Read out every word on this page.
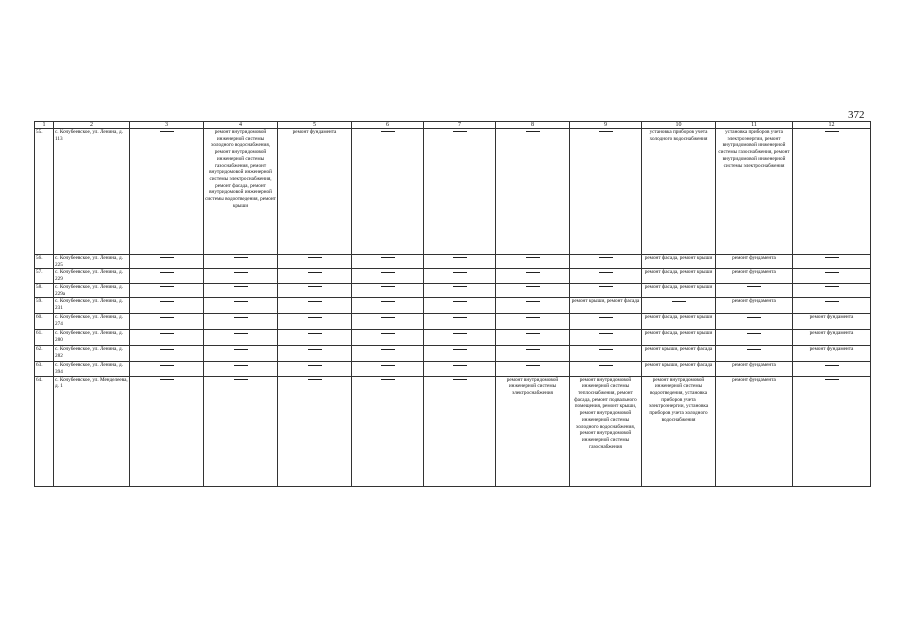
372
1	2	3	4	5	6	7	8	9	10	11	12
55.	с. Кочубеевское, ул. Ленина, д. 113		ремонт внутридомовой инженерной системы холодного водоснабжения, ремонт внутридомовой инженерной системы газоснабжения, ремонт внутридомовой инженерной системы электроснабжения, ремонт фасада, ремонт внутридомовой инженерной системы водоотведения, ремонт крыши	ремонт фундамента					установка приборов учета холодного водоснабжения	установка приборов учета электроэнергии, ремонт внутридомовой инженерной системы газоснабжения, ремонт внутридомовой инженерной системы электроснабжения	
56.	с. Кочубеевское, ул. Ленина, д. 225								ремонт фасада, ремонт крыши	ремонт фундамента	
57.	с. Кочубеевское, ул. Ленина, д. 229								ремонт фасада, ремонт крыши	ремонт фундамента	
58.	с. Кочубеевское, ул. Ленина, д. 229а								ремонт фасада, ремонт крыши		
59.	с. Кочубеевское, ул. Ленина, д. 231							ремонт крыши, ремонт фасада		ремонт фундамента	
60.	с. Кочубеевское, ул. Ленина, д. 274								ремонт фасада, ремонт крыши		ремонт фундамента
61.	с. Кочубеевское, ул. Ленина, д. 280								ремонт фасада, ремонт крыши		ремонт фундамента
62.	с. Кочубеевское, ул. Ленина, д. 282								ремонт крыши, ремонт фасада		ремонт фундамента
63.	с. Кочубеевское, ул. Ленина, д. 394								ремонт крыши, ремонт фасада	ремонт фундамента	
64.	с. Кочубеевское, ул. Менделеева, д. 1						ремонт внутридомовой инженерной системы электроснабжения	ремонт внутридомовой инженерной системы теплоснабжения, ремонт фасада, ремонт подвального помещения, ремонт крыши, ремонт внутридомовой инженерной системы холодного водоснабжения, ремонт внутридомовой инженерной системы газоснабжения	ремонт внутридомовой инженерной системы водоотведения, установка приборов учета электроэнергии, установка приборов учета холодного водоснабжения	ремонт фундамента	
